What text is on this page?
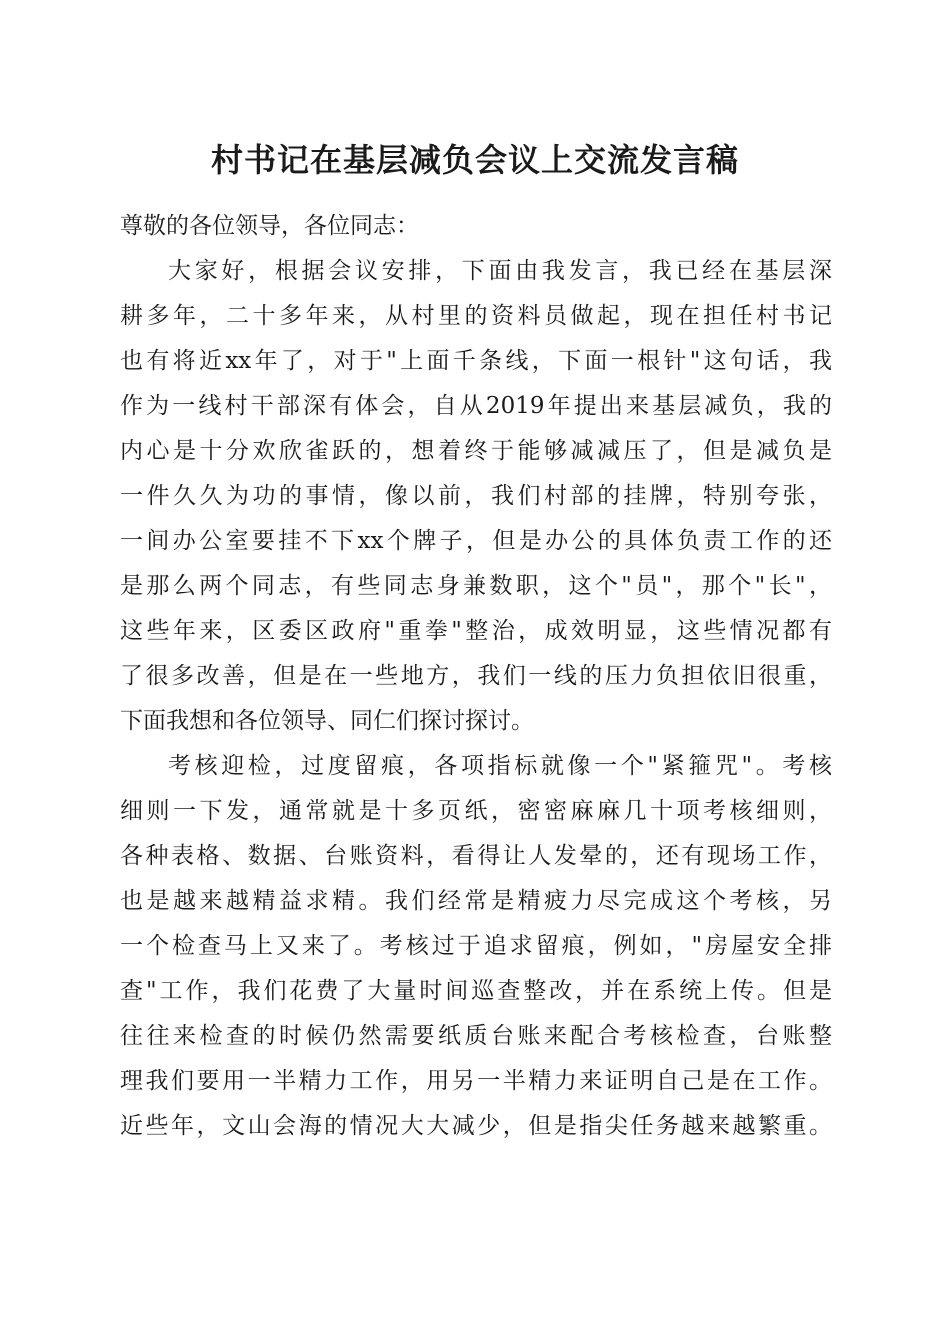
村书记在基层减负会议上交流发言稿
尊敬的各位领导，各位同志：
大家好，根据会议安排，下面由我发言，我已经在基层深
耕多年，二十多年来，从村里的资料员做起，现在担任村书记
也有将近xx年了，对于"上面千条线，下面一根针"这句话，我
作为一线村干部深有体会，自从2019年提出来基层减负，我的
内心是十分欢欣雀跃的，想着终于能够减减压了，但是减负是
一件久久为功的事情，像以前，我们村部的挂牌，特别夸张，
一间办公室要挂不下xx个牌子，但是办公的具体负责工作的还
是那么两个同志，有些同志身兼数职，这个"员"，那个"长"，
这些年来，区委区政府"重拳"整治，成效明显，这些情况都有
了很多改善，但是在一些地方，我们一线的压力负担依旧很重，
下面我想和各位领导、同仁们探讨探讨。
考核迎检，过度留痕，各项指标就像一个"紧箍咒"。考核
细则一下发，通常就是十多页纸，密密麻麻几十项考核细则，
各种表格、数据、台账资料，看得让人发晕的，还有现场工作，
也是越来越精益求精。我们经常是精疲力尽完成这个考核，另
一个检查马上又来了。考核过于追求留痕，例如，"房屋安全排
查"工作，我们花费了大量时间巡查整改，并在系统上传。但是
往往来检查的时候仍然需要纸质台账来配合考核检查，台账整
理我们要用一半精力工作，用另一半精力来证明自己是在工作。
近些年，文山会海的情况大大减少，但是指尖任务越来越繁重。
